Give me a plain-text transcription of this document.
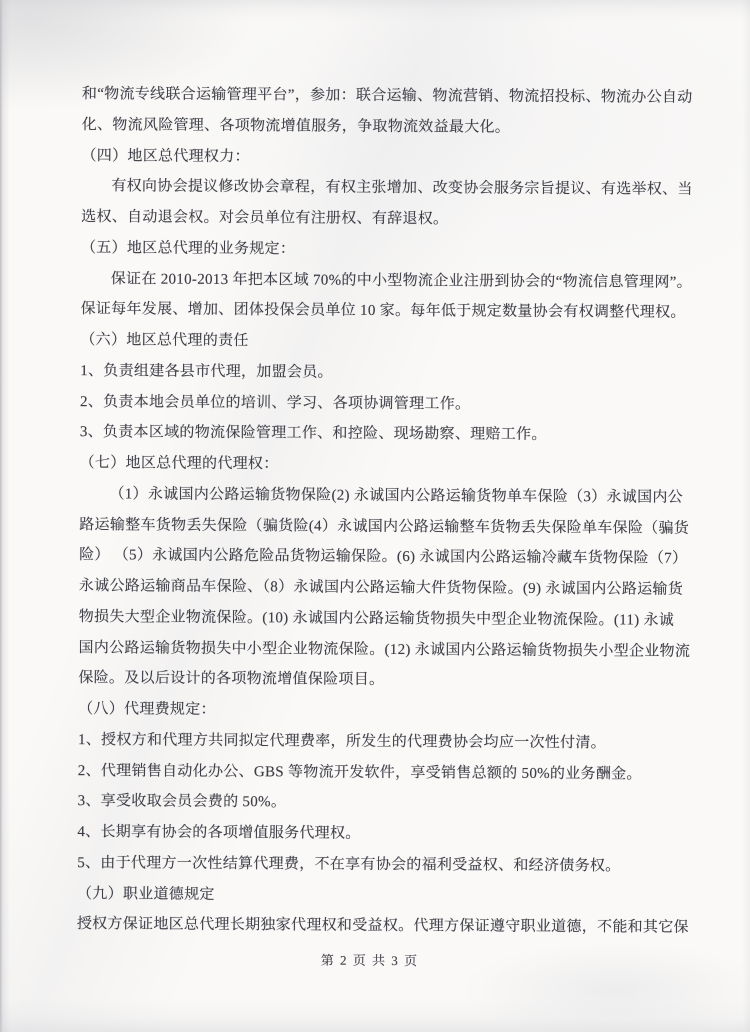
和“物流专线联合运输管理平台”，参加：联合运输、物流营销、物流招投标、物流办公自动
化、物流风险管理、各项物流增值服务，争取物流效益最大化。
（四）地区总代理权力：
有权向协会提议修改协会章程，有权主张增加、改变协会服务宗旨提议、有选举权、当
选权、自动退会权。对会员单位有注册权、有辞退权。
（五）地区总代理的业务规定：
保证在 2010-2013 年把本区域 70%的中小型物流企业注册到协会的“物流信息管理网”。
保证每年发展、增加、团体投保会员单位 10 家。每年低于规定数量协会有权调整代理权。
（六）地区总代理的责任
1、负责组建各县市代理，加盟会员。
2、负责本地会员单位的培训、学习、各项协调管理工作。
3、负责本区域的物流保险管理工作、和控险、现场勘察、理赔工作。
（七）地区总代理的代理权：
（1）永诚国内公路运输货物保险(2) 永诚国内公路运输货物单车保险（3）永诚国内公
路运输整车货物丢失保险（骗货险(4）永诚国内公路运输整车货物丢失保险单车保险（骗货
险） （5）永诚国内公路危险品货物运输保险。(6) 永诚国内公路运输冷藏车货物保险（7）
永诚公路运输商品车保险、（8）永诚国内公路运输大件货物保险。(9) 永诚国内公路运输货
物损失大型企业物流保险。(10) 永诚国内公路运输货物损失中型企业物流保险。(11) 永诚
国内公路运输货物损失中小型企业物流保险。(12) 永诚国内公路运输货物损失小型企业物流
保险。及以后设计的各项物流增值保险项目。
（八）代理费规定：
1、授权方和代理方共同拟定代理费率，所发生的代理费协会均应一次性付清。
2、代理销售自动化办公、GBS 等物流开发软件，享受销售总额的 50%的业务酬金。
3、享受收取会员会费的 50%。
4、长期享有协会的各项增值服务代理权。
5、由于代理方一次性结算代理费，不在享有协会的福利受益权、和经济债务权。
（九）职业道德规定
授权方保证地区总代理长期独家代理权和受益权。代理方保证遵守职业道德，不能和其它保
第 2 页 共 3 页
